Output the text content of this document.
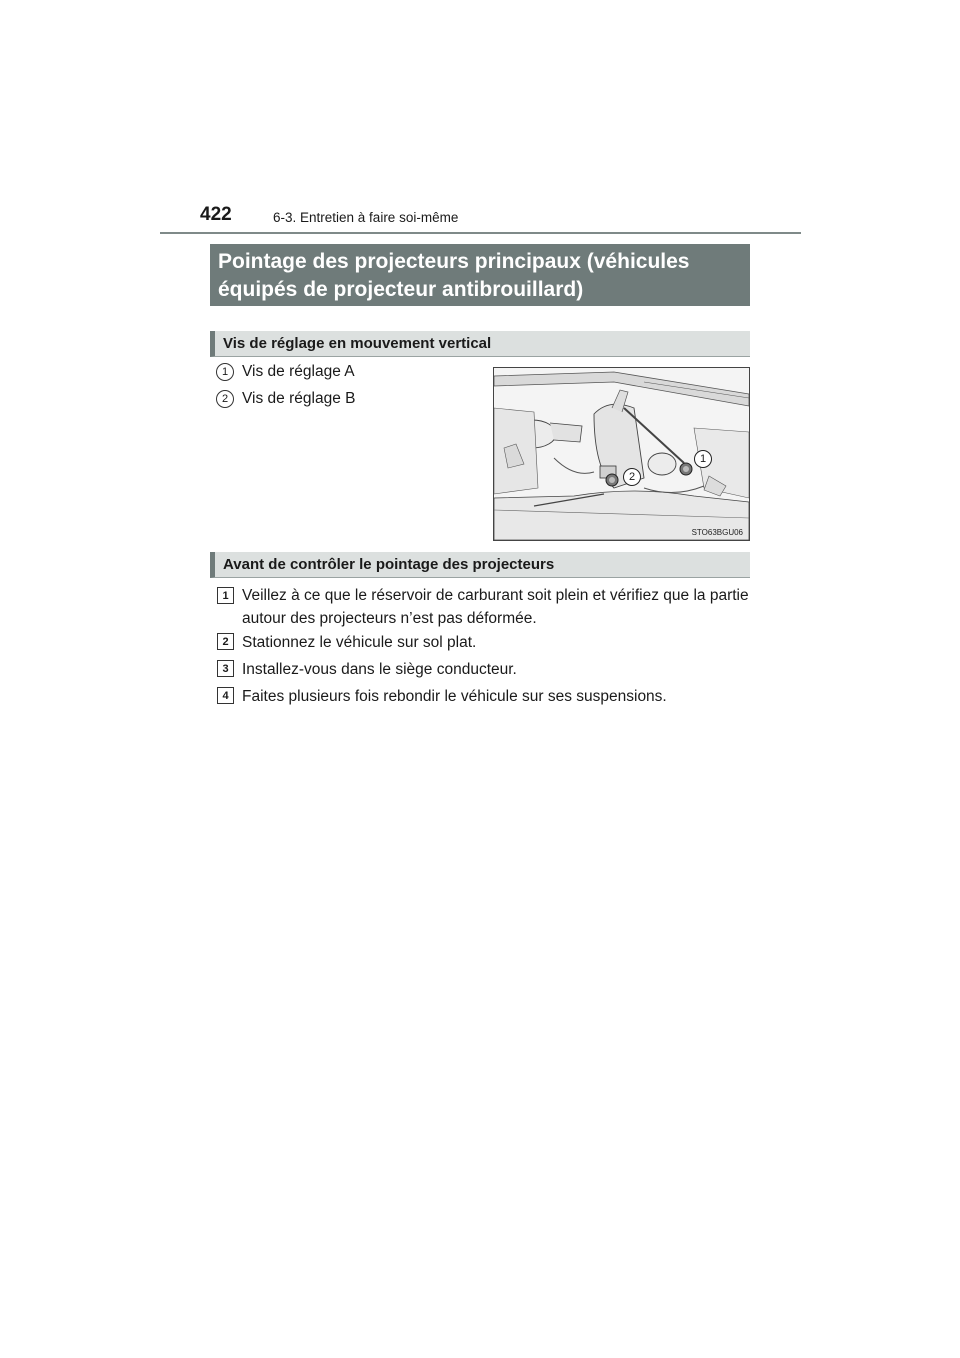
422	6-3. Entretien à faire soi-même
Pointage des projecteurs principaux (véhicules équipés de projecteur antibrouillard)
Vis de réglage en mouvement vertical
1 Vis de réglage A
2 Vis de réglage B
1
2
STO63BGU06
Avant de contrôler le pointage des projecteurs
1 Veillez à ce que le réservoir de carburant soit plein et vérifiez que la partie autour des projecteurs n’est pas déformée.
2 Stationnez le véhicule sur sol plat.
3 Installez-vous dans le siège conducteur.
4 Faites plusieurs fois rebondir le véhicule sur ses suspensions.
